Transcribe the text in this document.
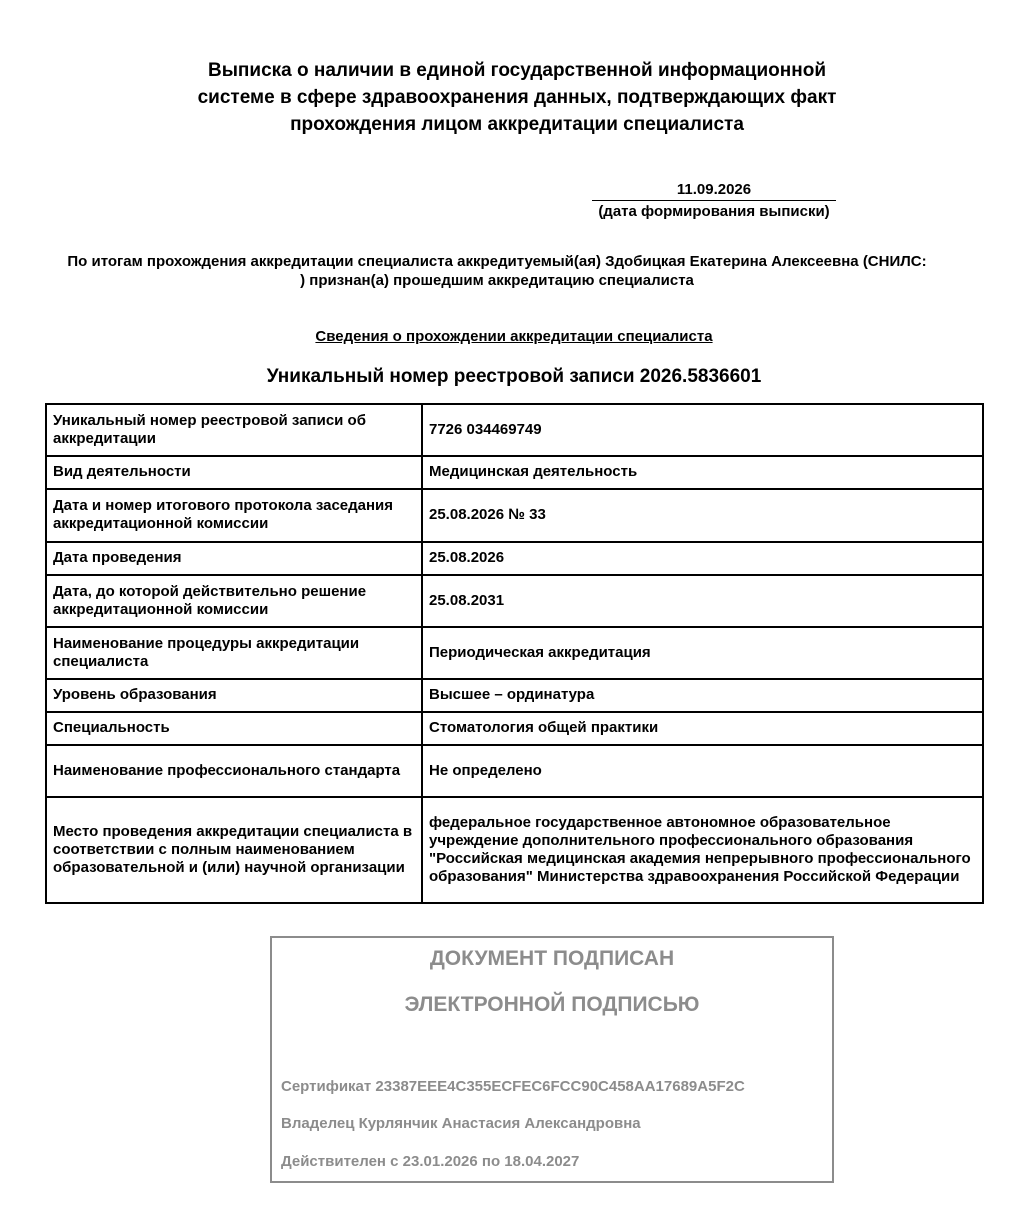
Выписка о наличии в единой государственной информационной
системе в сфере здравоохранения данных, подтверждающих факт
прохождения лицом аккредитации специалиста
11.09.2026
(дата формирования выписки)
По итогам прохождения аккредитации специалиста аккредитуемый(ая) Здобицкая Екатерина Алексеевна (СНИЛС:
) признан(а) прошедшим аккредитацию специалиста
Сведения о прохождении аккредитации специалиста
Уникальный номер реестровой записи 2026.5836601
Уникальный номер реестровой записи об аккредитации	7726 034469749
Вид деятельности	Медицинская деятельность
Дата и номер итогового протокола заседания аккредитационной комиссии	25.08.2026 № 33
Дата проведения	25.08.2026
Дата, до которой действительно решение аккредитационной комиссии	25.08.2031
Наименование процедуры аккредитации специалиста	Периодическая аккредитация
Уровень образования	Высшее – ординатура
Специальность	Стоматология общей практики
Наименование профессионального стандарта	Не определено
Место проведения аккредитации специалиста в соответствии с полным наименованием образовательной и (или) научной организации	федеральное государственное автономное образовательное учреждение дополнительного профессионального образования "Российская медицинская академия непрерывного профессионального образования" Министерства здравоохранения Российской Федерации
ДОКУМЕНТ ПОДПИСАН
ЭЛЕКТРОННОЙ ПОДПИСЬЮ
Сертификат 23387EEE4C355ECFEC6FCC90C458AA17689A5F2C
Владелец Курлянчик Анастасия Александровна
Действителен с 23.01.2026 по 18.04.2027
